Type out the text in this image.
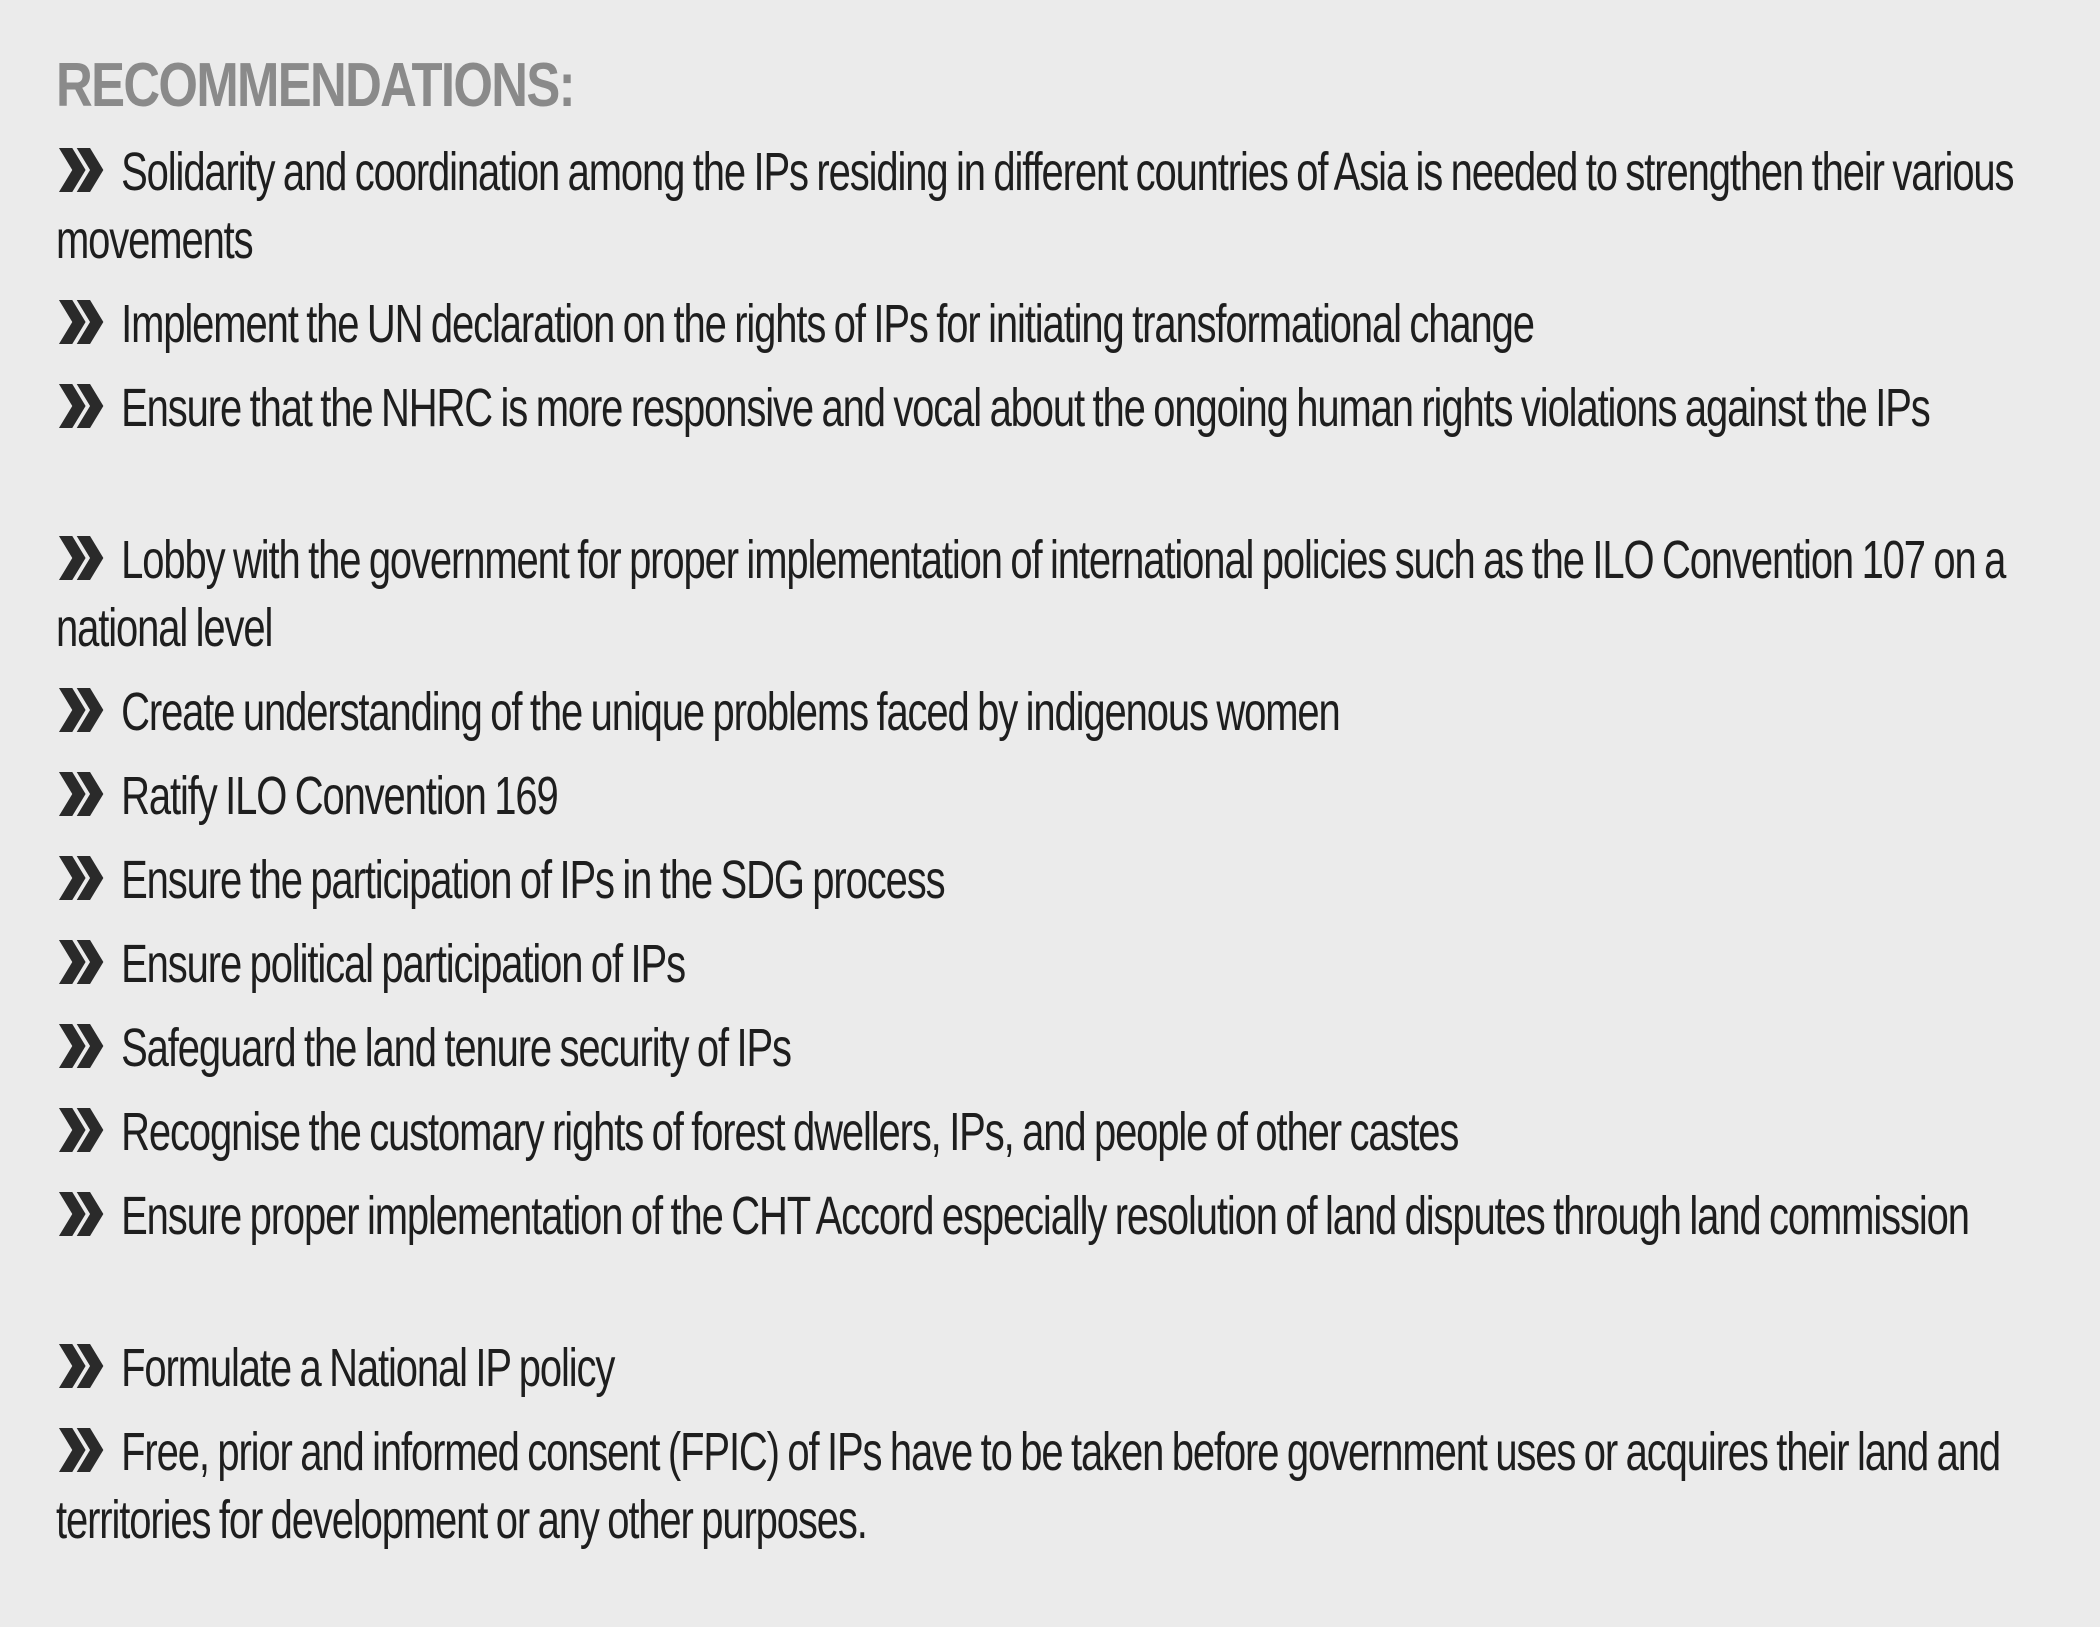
RECOMMENDATIONS:
Solidarity and coordination among the IPs residing in different countries of Asia is needed to strengthen their various movements
Implement the UN declaration on the rights of IPs for initiating transformational change
Ensure that the NHRC is more responsive and vocal about the ongoing human rights violations against the IPs
Lobby with the government for proper implementation of international policies such as the ILO Convention 107 on a national level
Create understanding of the unique problems faced by indigenous women
Ratify ILO Convention 169
Ensure the participation of IPs in the SDG process
Ensure political participation of IPs
Safeguard the land tenure security of IPs
Recognise the customary rights of forest dwellers, IPs, and people of other castes
Ensure proper implementation of the CHT Accord especially resolution of land disputes through land commission
Formulate a National IP policy
Free, prior and informed consent (FPIC) of IPs have to be taken before government uses or acquires their land and territories for development or any other purposes.
